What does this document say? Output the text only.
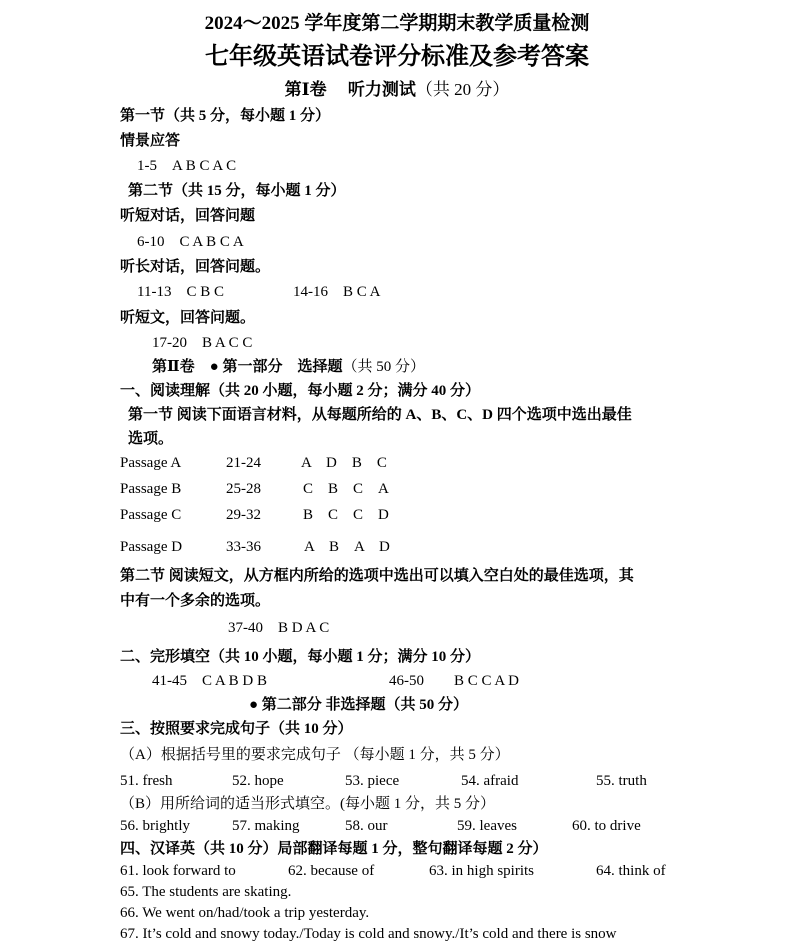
2024～2025 学年度第二学期期末教学质量检测
七年级英语试卷评分标准及参考答案
第Ⅰ卷　 听力测试（共 20 分）
第一节（共 5 分，每小题 1 分）
情景应答
1-5　A B C A C
第二节（共 15 分，每小题 1 分）
听短对话，回答问题
6-10　C A B C A
听长对话，回答问题。
11-13　C B C	14-16　B C A
听短文，回答问题。
17-20　B A C C
第Ⅱ卷　● 第一部分　选择题（共 50 分）
一、阅读理解（共 20 小题，每小题 2 分；满分 40 分）
第一节 阅读下面语言材料，从每题所给的 A、B、C、D 四个选项中选出最佳
选项。
Passage A	21-24	A　D　B　C
Passage B	25-28	C　B　C　A
Passage C	29-32	B　C　C　D
Passage D	33-36	A　B　A　D
第二节 阅读短文，从方框内所给的选项中选出可以填入空白处的最佳选项，其
中有一个多余的选项。
37-40　B D A C
二、完形填空（共 10 小题，每小题 1 分；满分 10 分）
41-45　C A B D B	46-50　　B C C A D
● 第二部分 非选择题（共 50 分）
三、按照要求完成句子（共 10 分）
（A）根据括号里的要求完成句子 （每小题 1 分，共 5 分）
51. fresh	52. hope	53. piece	54. afraid	55. truth
（B）用所给词的适当形式填空。(每小题 1 分，共 5 分）
56. brightly	57. making	58. our	59. leaves	60. to drive
四、汉译英（共 10 分）局部翻译每题 1 分，整句翻译每题 2 分）
61. look forward to	62. because of	63. in high spirits	64. think of
65. The students are skating.
66. We went on/had/took a trip yesterday.
67. It’s cold and snowy today./Today is cold and snowy./It’s cold and there is snow
